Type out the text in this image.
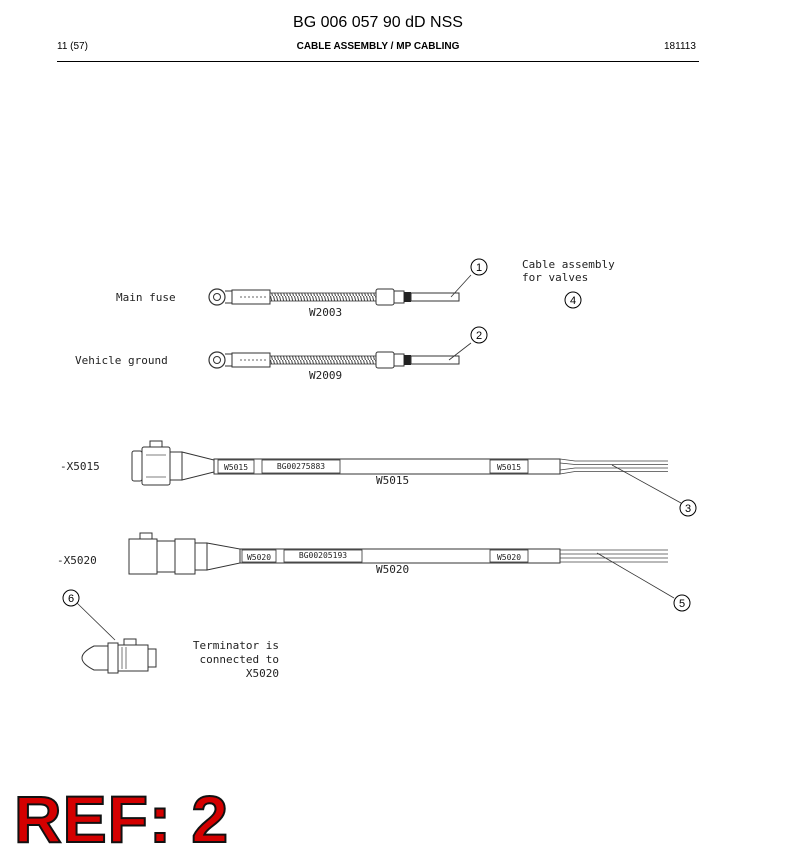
BG 006 057 90 dD NSS
11 (57)	CABLE ASSEMBLY / MP CABLING	181113
1
Main fuse
W2003
2
Vehicle ground
W2009
Cable assembly
for valves
4
3
-X5015	W5015	BG00275883	W5015
W5015
5
-X5020	W5020	BG00205193	W5020
W5020
6
Terminator is
connected to
X5020
REF: 2
